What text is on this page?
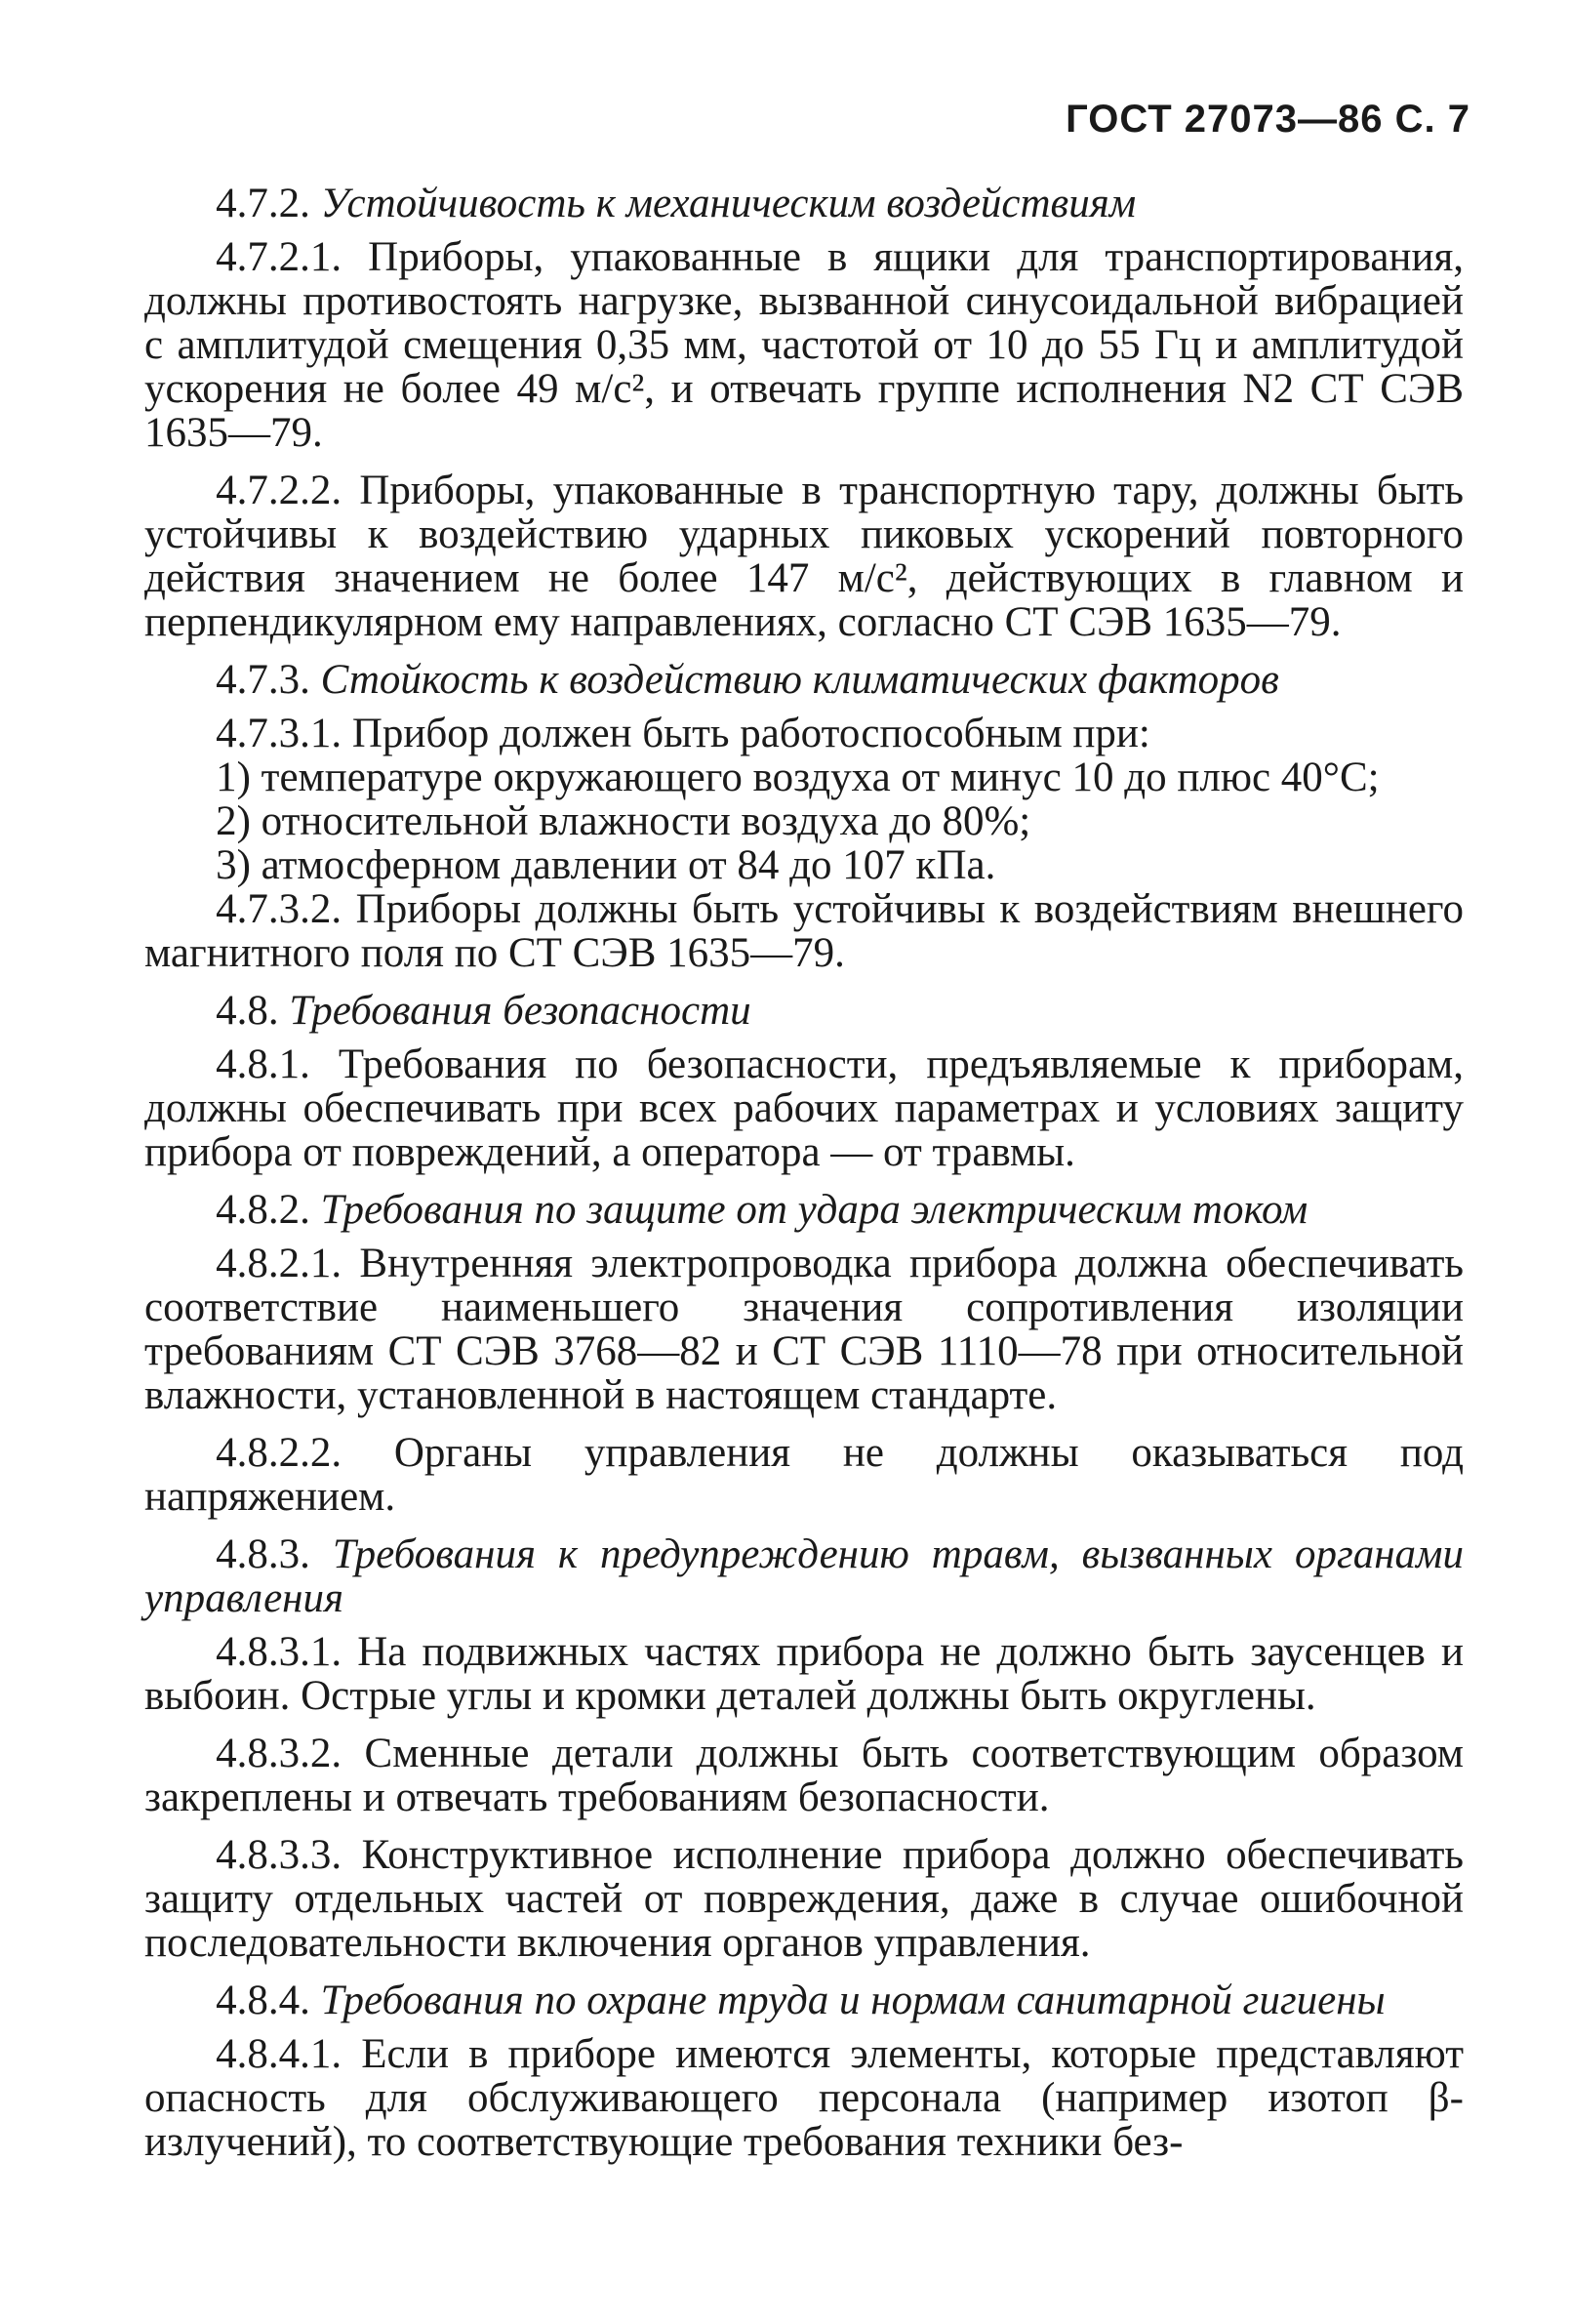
ГОСТ 27073—86 С. 7

4.7.2. Устойчивость к механическим воздействиям

4.7.2.1. Приборы, упакованные в ящики для транспортирования, должны противостоять нагрузке, вызванной синусоидальной вибрацией с амплитудой смещения 0,35 мм, частотой от 10 до 55 Гц и амплитудой ускорения не более 49 м/с², и отвечать группе исполнения N2 СТ СЭВ 1635—79.

4.7.2.2. Приборы, упакованные в транспортную тару, должны быть устойчивы к воздействию ударных пиковых ускорений повторного действия значением не более 147 м/с², действующих в главном и перпендикулярном ему направлениях, согласно СТ СЭВ 1635—79.

4.7.3. Стойкость к воздействию климатических факторов

4.7.3.1. Прибор должен быть работоспособным при:

1) температуре окружающего воздуха от минус 10 до плюс 40°С;

2) относительной влажности воздуха до 80%;

3) атмосферном давлении от 84 до 107 кПа.

4.7.3.2. Приборы должны быть устойчивы к воздействиям внешнего магнитного поля по СТ СЭВ 1635—79.

4.8. Требования безопасности

4.8.1. Требования по безопасности, предъявляемые к приборам, должны обеспечивать при всех рабочих параметрах и условиях защиту прибора от повреждений, а оператора — от травмы.

4.8.2. Требования по защите от удара электрическим током

4.8.2.1. Внутренняя электропроводка прибора должна обеспечивать соответствие наименьшего значения сопротивления изоляции требованиям СТ СЭВ 3768—82 и СТ СЭВ 1110—78 при относительной влажности, установленной в настоящем стандарте.

4.8.2.2. Органы управления не должны оказываться под напряжением.

4.8.3. Требования к предупреждению травм, вызванных органами управления

4.8.3.1. На подвижных частях прибора не должно быть заусенцев и выбоин. Острые углы и кромки деталей должны быть округлены.

4.8.3.2. Сменные детали должны быть соответствующим образом закреплены и отвечать требованиям безопасности.

4.8.3.3. Конструктивное исполнение прибора должно обеспечивать защиту отдельных частей от повреждения, даже в случае ошибочной последовательности включения органов управления.

4.8.4. Требования по охране труда и нормам санитарной гигиены

4.8.4.1. Если в приборе имеются элементы, которые представляют опасность для обслуживающего персонала (например изотоп β-излучений), то соответствующие требования техники без-
